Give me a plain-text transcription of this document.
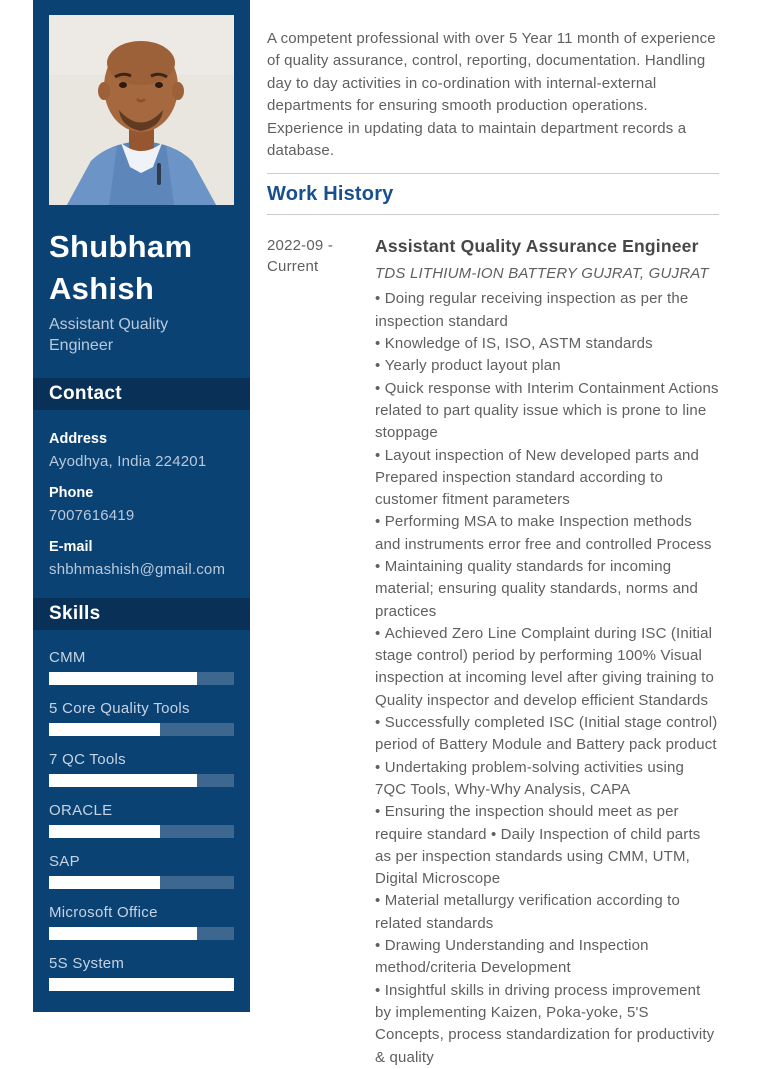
Shubham
Ashish
Assistant Quality Engineer
Contact
Address
Ayodhya, India 224201
Phone
7007616419
E-mail
shbhmashish@gmail.com
Skills
CMM
5 Core Quality Tools
7 QC Tools
ORACLE
SAP
Microsoft Office
5S System

A competent professional with over 5 Year 11 month of experience of quality assurance, control, reporting, documentation. Handling day to day activities in co-ordination with internal-external departments for ensuring smooth production operations. Experience in updating data to maintain department records a database.

Work History
2022-09 -
Current
Assistant Quality Assurance Engineer

TDS LITHIUM-ION BATTERY GUJRAT, GUJRAT

• Doing regular receiving inspection as per the inspection standard

• Knowledge of IS, ISO, ASTM standards

• Yearly product layout plan

• Quick response with Interim Containment Actions related to part quality issue which is prone to line stoppage

• Layout inspection of New developed parts and Prepared inspection standard according to customer fitment parameters

• Performing MSA to make Inspection methods and instruments error free and controlled Process

• Maintaining quality standards for incoming material; ensuring quality standards, norms and practices

• Achieved Zero Line Complaint during ISC (Initial stage control) period by performing 100% Visual inspection at incoming level after giving training to Quality inspector and develop efficient Standards

• Successfully completed ISC (Initial stage control) period of Battery Module and Battery pack product

• Undertaking problem-solving activities using 7QC Tools, Why-Why Analysis, CAPA

• Ensuring the inspection should meet as per require standard • Daily Inspection of child parts as per inspection standards using CMM, UTM, Digital Microscope

• Material metallurgy verification according to related standards

• Drawing Understanding and Inspection method/criteria Development

• Insightful skills in driving process improvement by implementing Kaizen, Poka-yoke, 5'S Concepts, process standardization for productivity & quality
